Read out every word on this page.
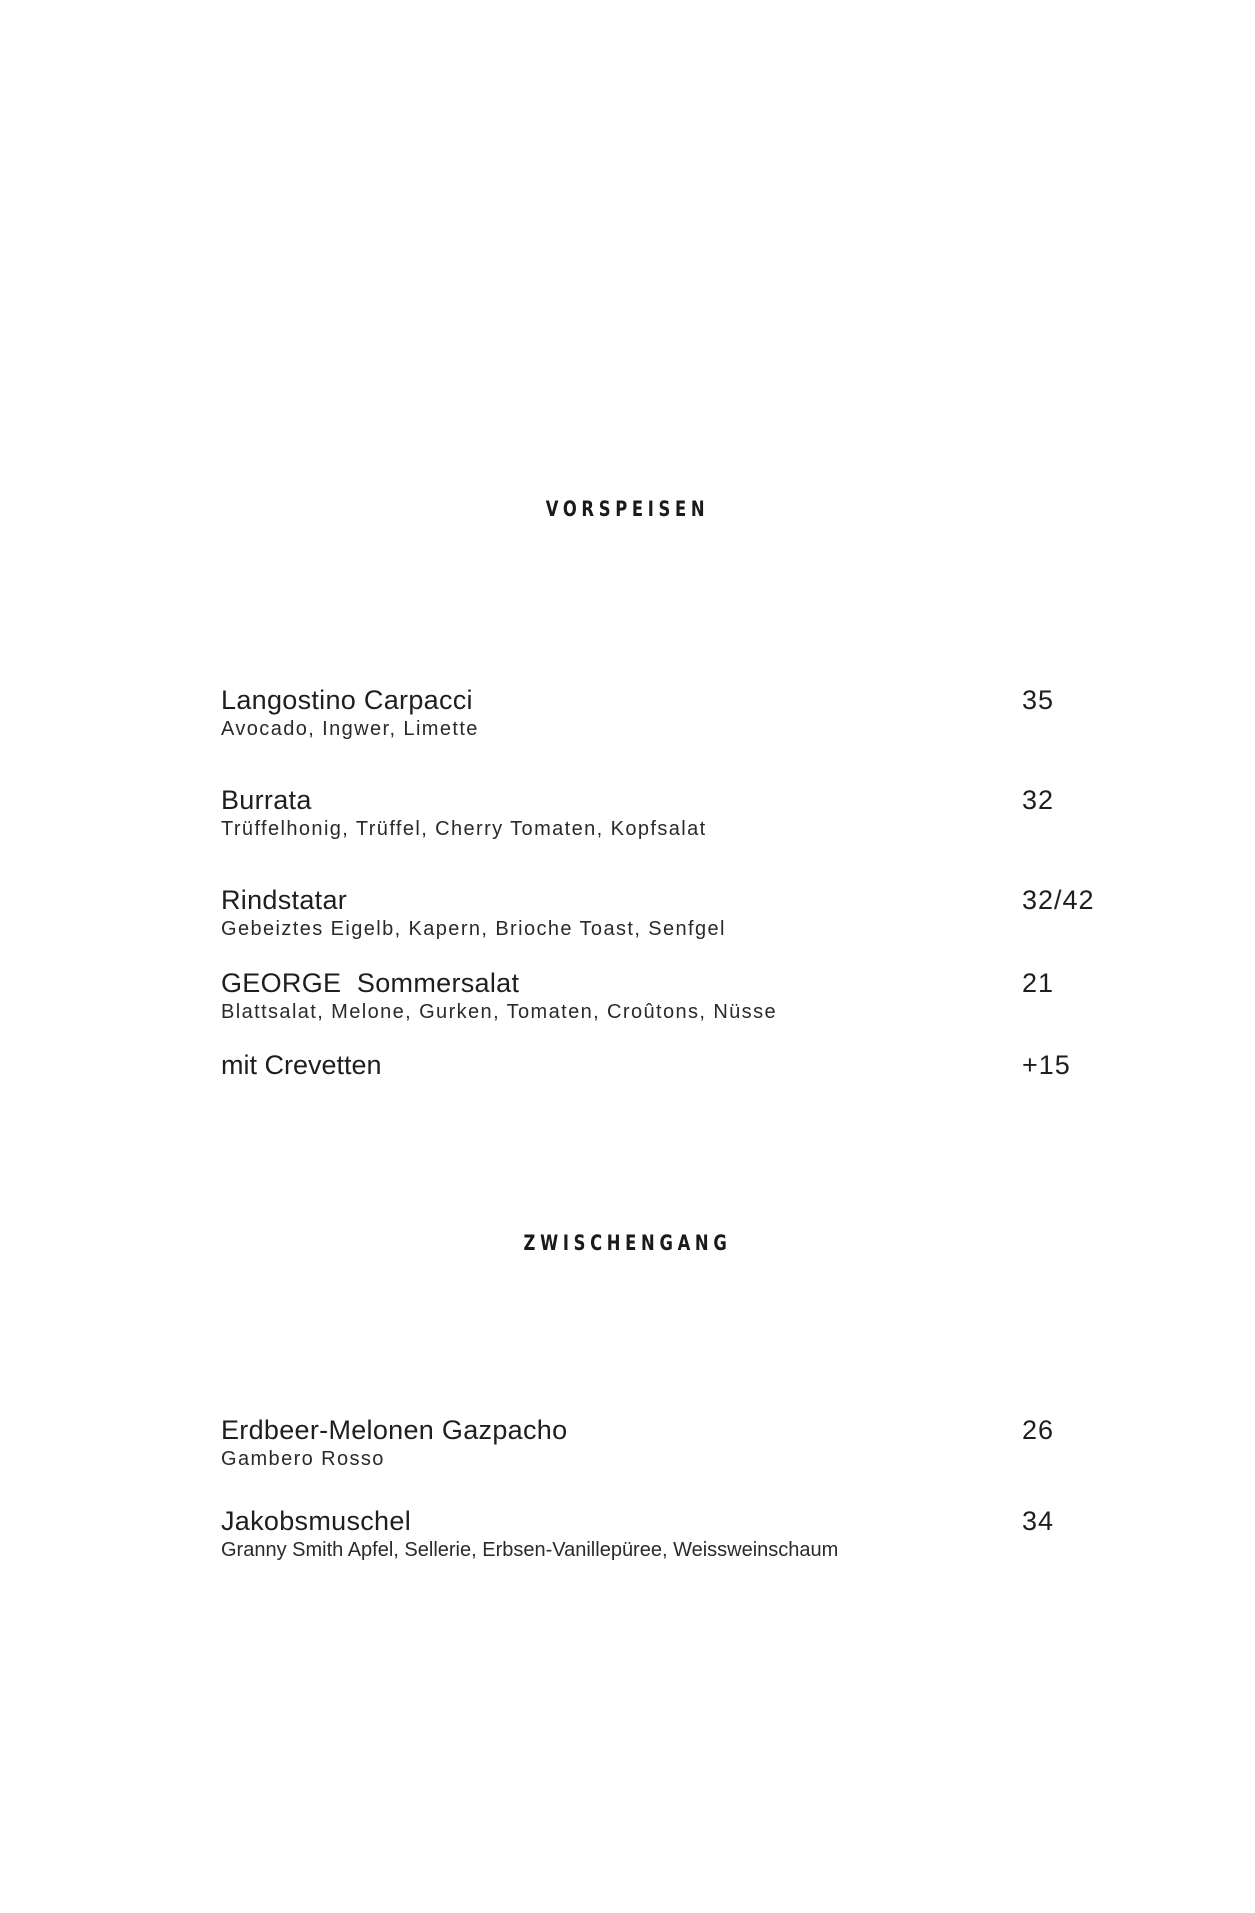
VORSPEISEN
Langostino Carpacci
Avocado, Ingwer, Limette
35
Burrata
Trüffelhonig, Trüffel, Cherry Tomaten, Kopfsalat
32
Rindstatar
Gebeiztes Eigelb, Kapern, Brioche Toast, Senfgel
32/42
GEORGE  Sommersalat
Blattsalat, Melone, Gurken, Tomaten, Croûtons, Nüsse
21
mit Crevetten	+15
ZWISCHENGANG
Erdbeer-Melonen Gazpacho
Gambero Rosso
26
Jakobsmuschel
Granny Smith Apfel, Sellerie, Erbsen-Vanillepüree, Weissweinschaum
34
